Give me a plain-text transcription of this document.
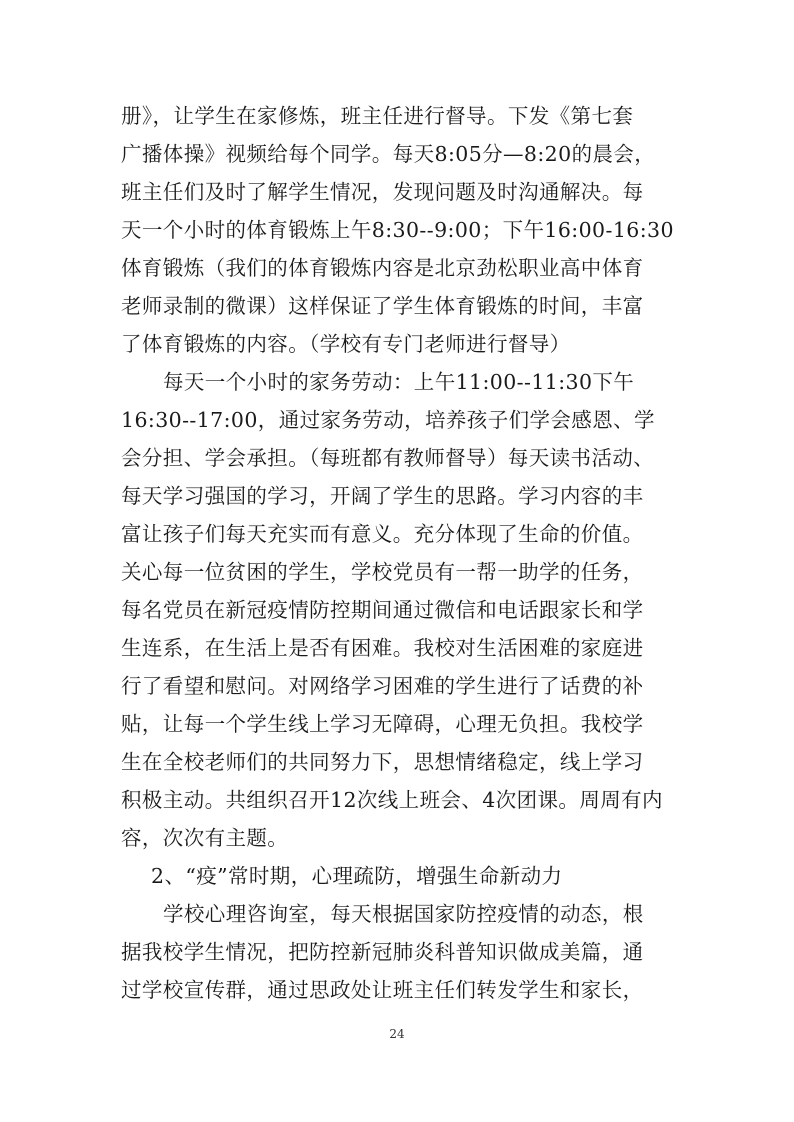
册》，让学生在家修炼，班主任进行督导。下发《第七套
广播体操》视频给每个同学。每天8:05分—8:20的晨会，
班主任们及时了解学生情况，发现问题及时沟通解决。每
天一个小时的体育锻炼上午8:30--9:00；下午16:00-16:30
体育锻炼（我们的体育锻炼内容是北京劲松职业高中体育
老师录制的微课）这样保证了学生体育锻炼的时间，丰富
了体育锻炼的内容。（学校有专门老师进行督导）
每天一个小时的家务劳动：上午11:00--11:30下午
16:30--17:00，通过家务劳动，培养孩子们学会感恩、学
会分担、学会承担。（每班都有教师督导）每天读书活动、
每天学习强国的学习，开阔了学生的思路。学习内容的丰
富让孩子们每天充实而有意义。充分体现了生命的价值。
关心每一位贫困的学生，学校党员有一帮一助学的任务，
每名党员在新冠疫情防控期间通过微信和电话跟家长和学
生连系，在生活上是否有困难。我校对生活困难的家庭进
行了看望和慰问。对网络学习困难的学生进行了话费的补
贴，让每一个学生线上学习无障碍，心理无负担。我校学
生在全校老师们的共同努力下，思想情绪稳定，线上学习
积极主动。共组织召开12次线上班会、4次团课。周周有内
容，次次有主题。
2、“疫”常时期，心理疏防，增强生命新动力
学校心理咨询室，每天根据国家防控疫情的动态，根
据我校学生情况，把防控新冠肺炎科普知识做成美篇，通
过学校宣传群，通过思政处让班主任们转发学生和家长，
24
